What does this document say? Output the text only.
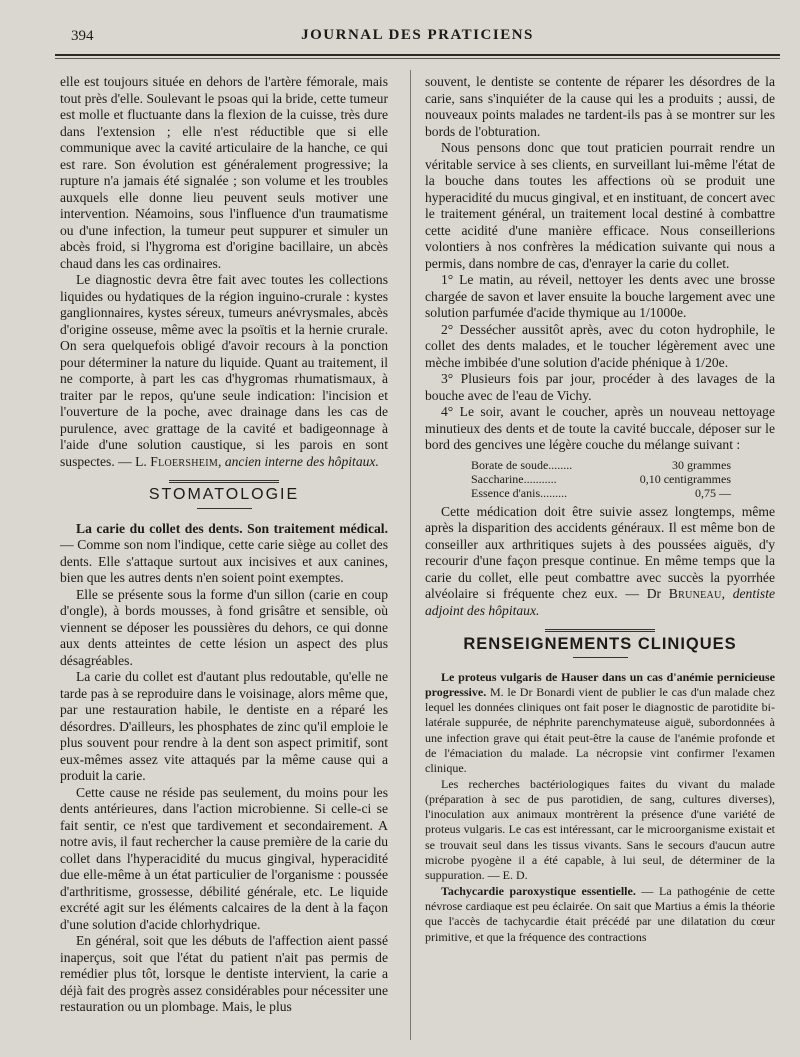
394	JOURNAL DES PRATICIENS

elle est toujours située en dehors de l'artère fémorale, mais tout près d'elle. Soulevant le psoas qui la bride, cette tumeur est molle et fluctuante dans la flexion de la cuisse, très dure dans l'extension ; elle n'est réductible que si elle communique avec la cavité articulaire de la hanche, ce qui est rare. Son évolution est généralement progressive; la rupture n'a jamais été signalée ; son volume et les troubles auxquels elle donne lieu peuvent seuls motiver une intervention. Néamoins, sous l'influence d'un traumatisme ou d'une infection, la tumeur peut suppurer et simuler un abcès froid, si l'hygroma est d'origine bacillaire, un abcès chaud dans les cas ordinaires.

Le diagnostic devra être fait avec toutes les collections liquides ou hydatiques de la région inguino-crurale : kystes ganglionnaires, kystes séreux, tumeurs anévrysmales, abcès d'origine osseuse, même avec la psoïtis et la hernie crurale. On sera quelquefois obligé d'avoir recours à la ponction pour déterminer la nature du liquide. Quant au traitement, il ne comporte, à part les cas d'hygromas rhumatismaux, à traiter par le repos, qu'une seule indication: l'incision et l'ouverture de la poche, avec drainage dans les cas de purulence, avec grattage de la cavité et badigeonnage à l'aide d'une solution caustique, si les parois en sont suspectes. — L. Floersheim, ancien interne des hôpitaux.

STOMATOLOGIE

La carie du collet des dents. Son traitement médical. — Comme son nom l'indique, cette carie siège au collet des dents. Elle s'attaque surtout aux incisives et aux canines, bien que les autres dents n'en soient point exemptes.

Elle se présente sous la forme d'un sillon (carie en coup d'ongle), à bords mousses, à fond grisâtre et sensible, où viennent se déposer les poussières du dehors, ce qui donne aux dents atteintes de cette lésion un aspect des plus désagréables.

La carie du collet est d'autant plus redoutable, qu'elle ne tarde pas à se reproduire dans le voisinage, alors même que, par une restauration habile, le dentiste en a réparé les désordres. D'ailleurs, les phosphates de zinc qu'il emploie le plus souvent pour rendre à la dent son aspect primitif, sont eux-mêmes assez vite attaqués par la même cause qui a produit la carie.

Cette cause ne réside pas seulement, du moins pour les dents antérieures, dans l'action microbienne. Si celle-ci se fait sentir, ce n'est que tardivement et secondairement. A notre avis, il faut rechercher la cause première de la carie du collet dans l'hyperacidité du mucus gingival, hyperacidité due elle-même à un état particulier de l'organisme : poussée d'arthritisme, grossesse, débilité générale, etc. Le liquide excrété agit sur les éléments calcaires de la dent à la façon d'une solution d'acide chlorhydrique.

En général, soit que les débuts de l'affection aient passé inaperçus, soit que l'état du patient n'ait pas permis de remédier plus tôt, lorsque le dentiste intervient, la carie a déjà fait des progrès assez considérables pour nécessiter une restauration ou un plombage. Mais, le plus

souvent, le dentiste se contente de réparer les désordres de la carie, sans s'inquiéter de la cause qui les a produits ; aussi, de nouveaux points malades ne tardent-ils pas à se montrer sur les bords de l'obturation.

Nous pensons donc que tout praticien pourrait rendre un véritable service à ses clients, en surveillant lui-même l'état de la bouche dans toutes les affections où se produit une hyperacidité du mucus gingival, et en instituant, de concert avec le traitement général, un traitement local destiné à combattre cette acidité d'une manière efficace. Nous conseillerions volontiers à nos confrères la médication suivante qui nous a permis, dans nombre de cas, d'enrayer la carie du collet.

1° Le matin, au réveil, nettoyer les dents avec une brosse chargée de savon et laver ensuite la bouche largement avec une solution parfumée d'acide thymique au 1/1000e.

2° Dessécher aussitôt après, avec du coton hydrophile, le collet des dents malades, et le toucher légèrement avec une mèche imbibée d'une solution d'acide phénique à 1/20e.

3° Plusieurs fois par jour, procéder à des lavages de la bouche avec de l'eau de Vichy.

4° Le soir, avant le coucher, après un nouveau nettoyage minutieux des dents et de toute la cavité buccale, déposer sur le bord des gencives une légère couche du mélange suivant :

Borate de soude........	30 grammes
Saccharine...........	0,10 centigrammes
Essence d'anis.........	0,75 —

Cette médication doit être suivie assez longtemps, même après la disparition des accidents généraux. Il est même bon de conseiller aux arthritiques sujets à des poussées aiguës, d'y recourir d'une façon presque continue. En même temps que la carie du collet, elle peut combattre avec succès la pyorrhée alvéolaire si fréquente chez eux. — Dr Bruneau, dentiste adjoint des hôpitaux.

RENSEIGNEMENTS CLINIQUES

Le proteus vulgaris de Hauser dans un cas d'anémie pernicieuse progressive. M. le Dr Bonardi vient de publier le cas d'un malade chez lequel les données cliniques ont fait poser le diagnostic de parotidite bi-latérale suppurée, de néphrite parenchymateuse aiguë, subordonnées à une infection grave qui était peut-être la cause de l'anémie profonde et de l'émaciation du malade. La nécropsie vint confirmer l'examen clinique.

Les recherches bactériologiques faites du vivant du malade (préparation à sec de pus parotidien, de sang, cultures diverses), l'inoculation aux animaux montrèrent la présence d'une variété de proteus vulgaris. Le cas est intéressant, car le microorganisme existait et se trouvait seul dans les tissus vivants. Sans le secours d'aucun autre microbe pyogène il a été capable, à lui seul, de déterminer de la suppuration. — E. D.

Tachycardie paroxystique essentielle. — La pathogénie de cette névrose cardiaque est peu éclairée. On sait que Martius a émis la théorie que l'accès de tachycardie était précédé par une dilatation du cœur primitive, et que la fréquence des contractions
